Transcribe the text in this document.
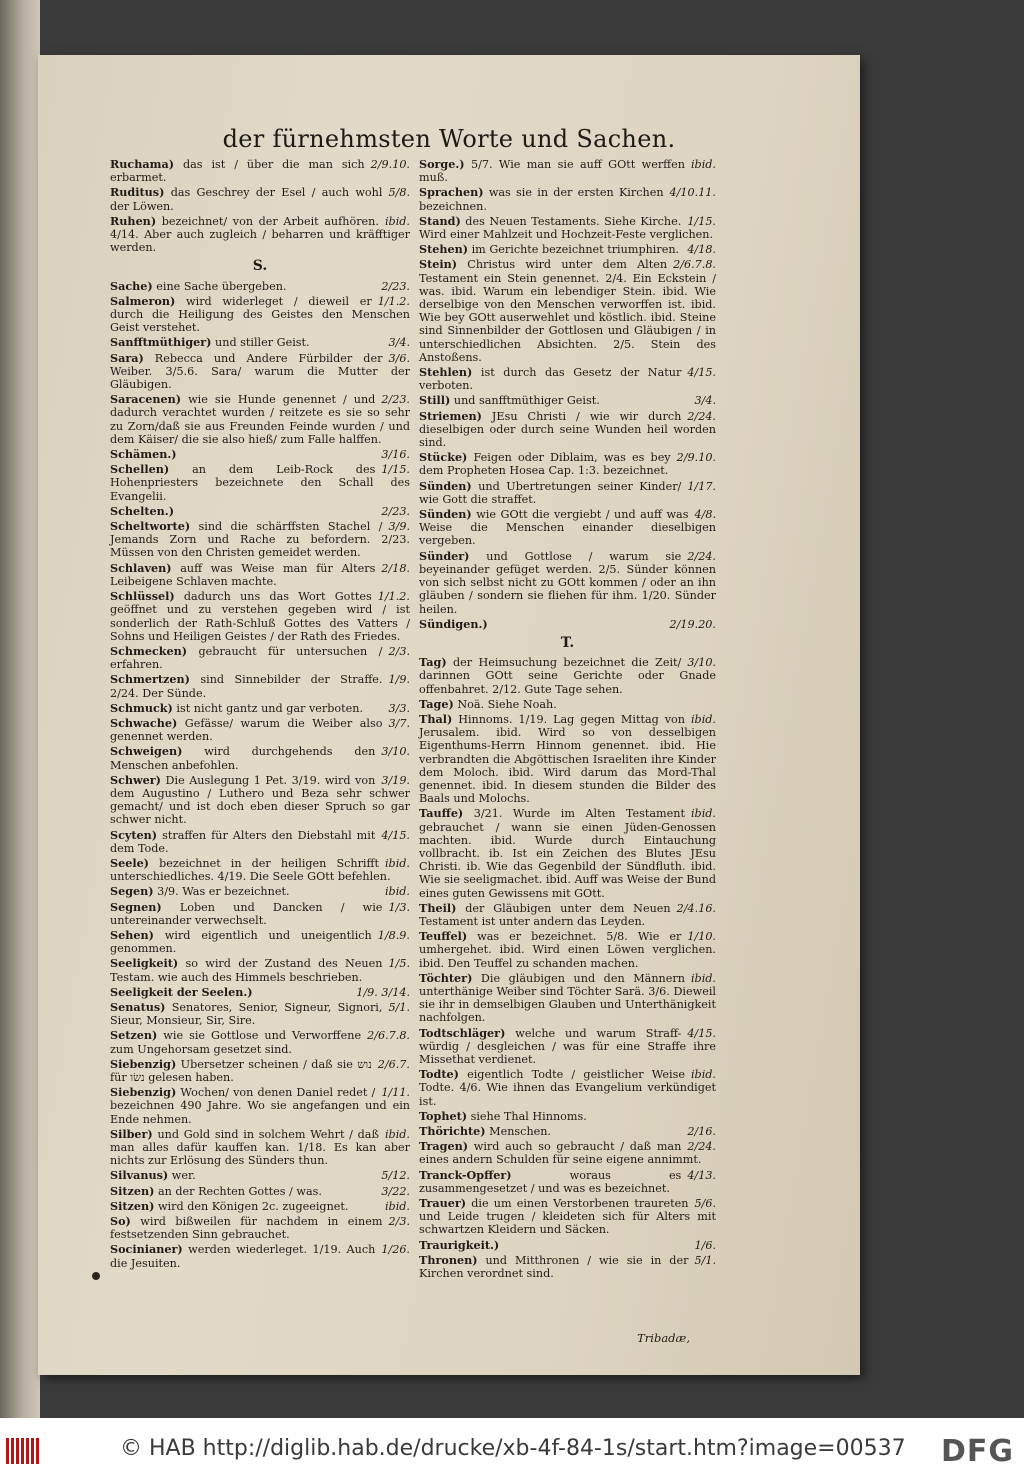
der fürnehmsten Worte und Sachen.
2/9.10.
Ruchama) das ist / über die man sich erbarmet.
5/8.
Ruditus) das Geschrey der Esel / auch wohl der Löwen.
ibid.
Ruhen) bezeichnet/ von der Arbeit aufhören. 4/14. Aber auch zugleich / beharren und kräfftiger werden.
S.
2/23.
Sache) eine Sache übergeben.
1/1.2.
Salmeron) wird widerleget / dieweil er durch die Heiligung des Geistes den Menschen Geist verstehet.
3/4.
Sanfftmüthiger) und stiller Geist.
3/6.
Sara) Rebecca und Andere Fürbilder der Weiber. 3/5.6. Sara/ warum die Mutter der Gläubigen.
2/23.
Saracenen) wie sie Hunde genennet / und dadurch verachtet wurden / reitzete es sie so sehr zu Zorn/daß sie aus Freunden Feinde wurden / und dem Käiser/ die sie also hieß/ zum Falle halffen.
3/16.
Schämen.)
1/15.
Schellen) an dem Leib-Rock des Hohenpriesters bezeichnete den Schall des Evangelii.
2/23.
Schelten.)
3/9.
Scheltworte) sind die schärffsten Stachel / Jemands Zorn und Rache zu befordern. 2/23. Müssen von den Christen gemeidet werden.
2/18.
Schlaven) auff was Weise man für Alters Leibeigene Schlaven machte.
1/1.2.
Schlüssel) dadurch uns das Wort Gottes geöffnet und zu verstehen gegeben wird / ist sonderlich der Rath-Schluß Gottes des Vatters / Sohns und Heiligen Geistes / der Rath des Friedes.
2/3.
Schmecken) gebraucht für untersuchen / erfahren.
1/9.
Schmertzen) sind Sinnebilder der Straffe. 2/24. Der Sünde.
3/3.
Schmuck) ist nicht gantz und gar verboten.
3/7.
Schwache) Gefässe/ warum die Weiber also genennet werden.
3/10.
Schweigen) wird durchgehends den Menschen anbefohlen.
3/19.
Schwer) Die Auslegung 1 Pet. 3/19. wird von dem Augustino / Luthero und Beza sehr schwer gemacht/ und ist doch eben dieser Spruch so gar schwer nicht.
4/15.
Scyten) straffen für Alters den Diebstahl mit dem Tode.
ibid.
Seele) bezeichnet in der heiligen Schrifft unterschiedliches. 4/19. Die Seele GOtt befehlen.
ibid.
Segen) 3/9. Was er bezeichnet.
1/3.
Segnen) Loben und Dancken / wie untereinander verwechselt.
1/8.9.
Sehen) wird eigentlich und uneigentlich genommen.
1/5.
Seeligkeit) so wird der Zustand des Neuen Testam. wie auch des Himmels beschrieben.
1/9. 3/14.
Seeligkeit der Seelen.)
5/1.
Senatus) Senatores, Senior, Signeur, Signori, Sieur, Monsieur, Sir, Sire.
2/6.7.8.
Setzen) wie sie Gottlose und Verworffene zum Ungehorsam gesetzet sind.
2/6.7.
Siebenzig) Ubersetzer scheinen / daß sie נוש für נשׂו gelesen haben.
1/11.
Siebenzig) Wochen/ von denen Daniel redet / bezeichnen 490 Jahre. Wo sie angefangen und ein Ende nehmen.
ibid.
Silber) und Gold sind in solchem Wehrt / daß man alles dafür kauffen kan. 1/18. Es kan aber nichts zur Erlösung des Sünders thun.
5/12.
Silvanus) wer.
3/22.
Sitzen) an der Rechten Gottes / was.
ibid.
Sitzen) wird den Königen 2c. zugeeignet.
2/3.
So) wird bißweilen für nachdem in einem festsetzenden Sinn gebrauchet.
1/26.
Socinianer) werden wiederleget. 1/19. Auch die Jesuiten.
ibid.
Sorge.) 5/7. Wie man sie auff GOtt werffen muß.
4/10.11.
Sprachen) was sie in der ersten Kirchen bezeichnen.
1/15.
Stand) des Neuen Testaments. Siehe Kirche. Wird einer Mahlzeit und Hochzeit-Feste verglichen.
4/18.
Stehen) im Gerichte bezeichnet triumphiren.
2/6.7.8.
Stein) Christus wird unter dem Alten Testament ein Stein genennet. 2/4. Ein Eckstein / was. ibid. Warum ein lebendiger Stein. ibid. Wie derselbige von den Menschen verworffen ist. ibid. Wie bey GOtt auserwehlet und köstlich. ibid. Steine sind Sinnenbilder der Gottlosen und Gläubigen / in unterschiedlichen Absichten. 2/5. Stein des Anstoßens.
4/15.
Stehlen) ist durch das Gesetz der Natur verboten.
3/4.
Still) und sanfftmüthiger Geist.
2/24.
Striemen) JEsu Christi / wie wir durch dieselbigen oder durch seine Wunden heil worden sind.
2/9.10.
Stücke) Feigen oder Diblaim, was es bey dem Propheten Hosea Cap. 1:3. bezeichnet.
1/17.
Sünden) und Ubertretungen seiner Kinder/ wie Gott die straffet.
4/8.
Sünden) wie GOtt die vergiebt / und auff was Weise die Menschen einander dieselbigen vergeben.
2/24.
Sünder) und Gottlose / warum sie beyeinander gefüget werden. 2/5. Sünder können von sich selbst nicht zu GOtt kommen / oder an ihn gläuben / sondern sie fliehen für ihm. 1/20. Sünder heilen.
2/19.20.
Sündigen.)
T.
3/10.
Tag) der Heimsuchung bezeichnet die Zeit/ darinnen GOtt seine Gerichte oder Gnade offenbahret. 2/12. Gute Tage sehen.
Tage) Noä. Siehe Noah.
ibid.
Thal) Hinnoms. 1/19. Lag gegen Mittag von Jerusalem. ibid. Wird so von desselbigen Eigenthums-Herrn Hinnom genennet. ibid. Hie verbrandten die Abgöttischen Israeliten ihre Kinder dem Moloch. ibid. Wird darum das Mord-Thal genennet. ibid. In diesem stunden die Bilder des Baals und Molochs.
ibid.
Tauffe) 3/21. Wurde im Alten Testament gebrauchet / wann sie einen Jüden-Genossen machten. ibid. Wurde durch Eintauchung vollbracht. ib. Ist ein Zeichen des Blutes JEsu Christi. ib. Wie das Gegenbild der Sündfluth. ibid. Wie sie seeligmachet. ibid. Auff was Weise der Bund eines guten Gewissens mit GOtt.
2/4.16.
Theil) der Gläubigen unter dem Neuen Testament ist unter andern das Leyden.
1/10.
Teuffel) was er bezeichnet. 5/8. Wie er umhergehet. ibid. Wird einen Löwen verglichen. ibid. Den Teuffel zu schanden machen.
ibid.
Töchter) Die gläubigen und den Männern unterthänige Weiber sind Töchter Sarä. 3/6. Dieweil sie ihr in demselbigen Glauben und Unterthänigkeit nachfolgen.
4/15.
Todtschläger) welche und warum Straff-würdig / desgleichen / was für eine Straffe ihre Missethat verdienet.
ibid.
Todte) eigentlich Todte / geistlicher Weise Todte. 4/6. Wie ihnen das Evangelium verkündiget ist.
Tophet) siehe Thal Hinnoms.
2/16.
Thörichte) Menschen.
2/24.
Tragen) wird auch so gebraucht / daß man eines andern Schulden für seine eigene annimmt.
4/13.
Tranck-Opffer)	woraus es zusammengesetzet / und was es bezeichnet.
5/6.
Trauer) die um einen Verstorbenen traureten und Leide trugen / kleideten sich für Alters mit schwartzen Kleidern und Säcken.
1/6.
Traurigkeit.)
5/1.
Thronen) und Mitthronen / wie sie in der Kirchen verordnet sind.
Tribadæ,
© HAB http://diglib.hab.de/drucke/xb-4f-84-1s/start.htm?image=00537 DFG
